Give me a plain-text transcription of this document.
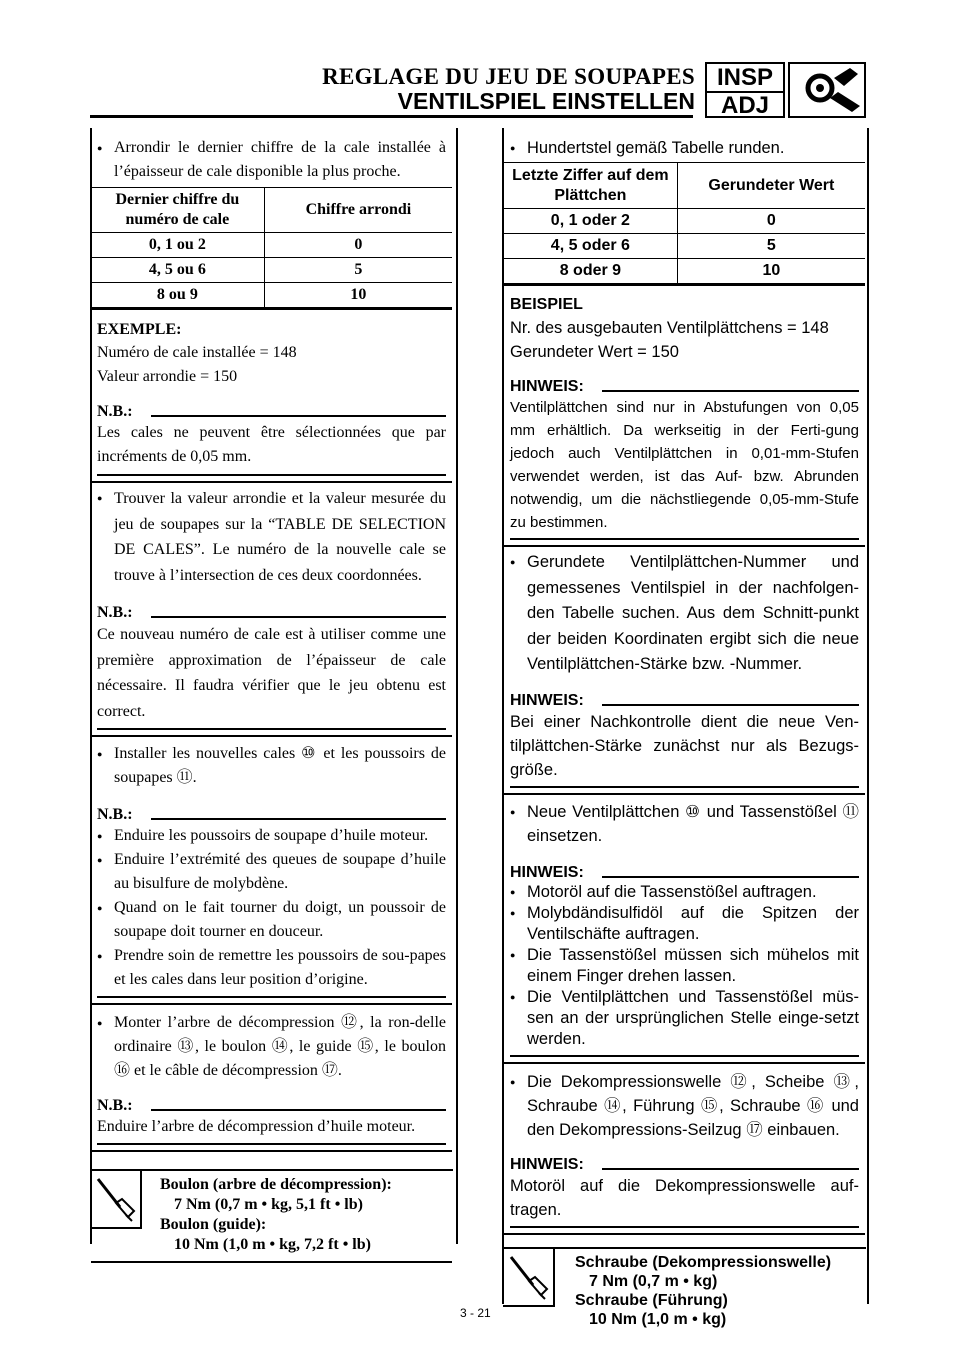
REGLAGE DU JEU DE SOUPAPES
VENTILSPIEL EINSTELLEN
INSP
ADJ
● Arrondir le dernier chiffre de la cale installée à l’épaisseur de cale disponible la plus proche.
Dernier chiffre du numéro de cale	Chiffre arrondi
0, 1 ou 2	0
4, 5 ou 6	5
8 ou 9	10
EXEMPLE:
Numéro de cale installée = 148
Valeur arrondie = 150
N.B.:
Les cales ne peuvent être sélectionnées que par incréments de 0,05 mm.
● Trouver la valeur arrondie et la valeur mesurée du jeu de soupapes sur la “TABLE DE SELECTION DE CALES”. Le numéro de la nouvelle cale se trouve à l’intersection de ces deux coordonnées.
N.B.:
Ce nouveau numéro de cale est à utiliser comme une première approximation de l’épaisseur de cale nécessaire. Il faudra vérifier que le jeu obtenu est correct.
● Installer les nouvelles cales ⑩ et les poussoirs de soupapes ⑪.
N.B.:
● Enduire les poussoirs de soupape d’huile moteur.
● Enduire l’extrémité des queues de soupape d’huile au bisulfure de molybdène.
● Quand on le fait tourner du doigt, un poussoir de soupape doit tourner en douceur.
● Prendre soin de remettre les poussoirs de sou-papes et les cales dans leur position d’origine.
● Monter l’arbre de décompression ⑫, la ron-delle ordinaire ⑬, le boulon ⑭, le guide ⑮, le boulon ⑯ et le câble de décompression ⑰.
N.B.:
Enduire l’arbre de décompression d’huile moteur.
Boulon (arbre de décompression):
7 Nm (0,7 m • kg, 5,1 ft • lb)
Boulon (guide):
10 Nm (1,0 m • kg, 7,2 ft • lb)
● Hundertstel gemäß Tabelle runden.
Letzte Ziffer auf dem Plättchen	Gerundeter Wert
0, 1 oder 2	0
4, 5 oder 6	5
8 oder 9	10
BEISPIEL
Nr. des ausgebauten Ventilplättchens = 148
Gerundeter Wert = 150
HINWEIS:
Ventilplättchen sind nur in Abstufungen von 0,05 mm erhältlich. Da werkseitig in der Ferti-gung jedoch auch Ventilplättchen in 0,01-mm-Stufen verwendet werden, ist das Auf- bzw. Abrunden notwendig, um die nächstliegende 0,05-mm-Stufe zu bestimmen.
● Gerundete Ventilplättchen-Nummer und gemessenes Ventilspiel in der nachfolgen-den Tabelle suchen. Aus dem Schnitt-punkt der beiden Koordinaten ergibt sich die neue Ventilplättchen-Stärke bzw. -Nummer.
HINWEIS:
Bei einer Nachkontrolle dient die neue Ven-tilplättchen-Stärke zunächst nur als Bezugs-größe.
● Neue Ventilplättchen ⑩ und Tassenstößel ⑪ einsetzen.
HINWEIS:
● Motoröl auf die Tassenstößel auftragen.
● Molybdändisulfidöl auf die Spitzen der Ventilschäfte auftragen.
● Die Tassenstößel müssen sich mühelos mit einem Finger drehen lassen.
● Die Ventilplättchen und Tassenstößel müs-sen an der ursprünglichen Stelle einge-setzt werden.
● Die Dekompressionswelle ⑫, Scheibe ⑬, Schraube ⑭, Führung ⑮, Schraube ⑯ und den Dekompressions-Seilzug ⑰ einbauen.
HINWEIS:
Motoröl auf die Dekompressionswelle auf-tragen.
Schraube (Dekompressionswelle)
7 Nm (0,7 m • kg)
Schraube (Führung)
10 Nm (1,0 m • kg)
3 - 21
